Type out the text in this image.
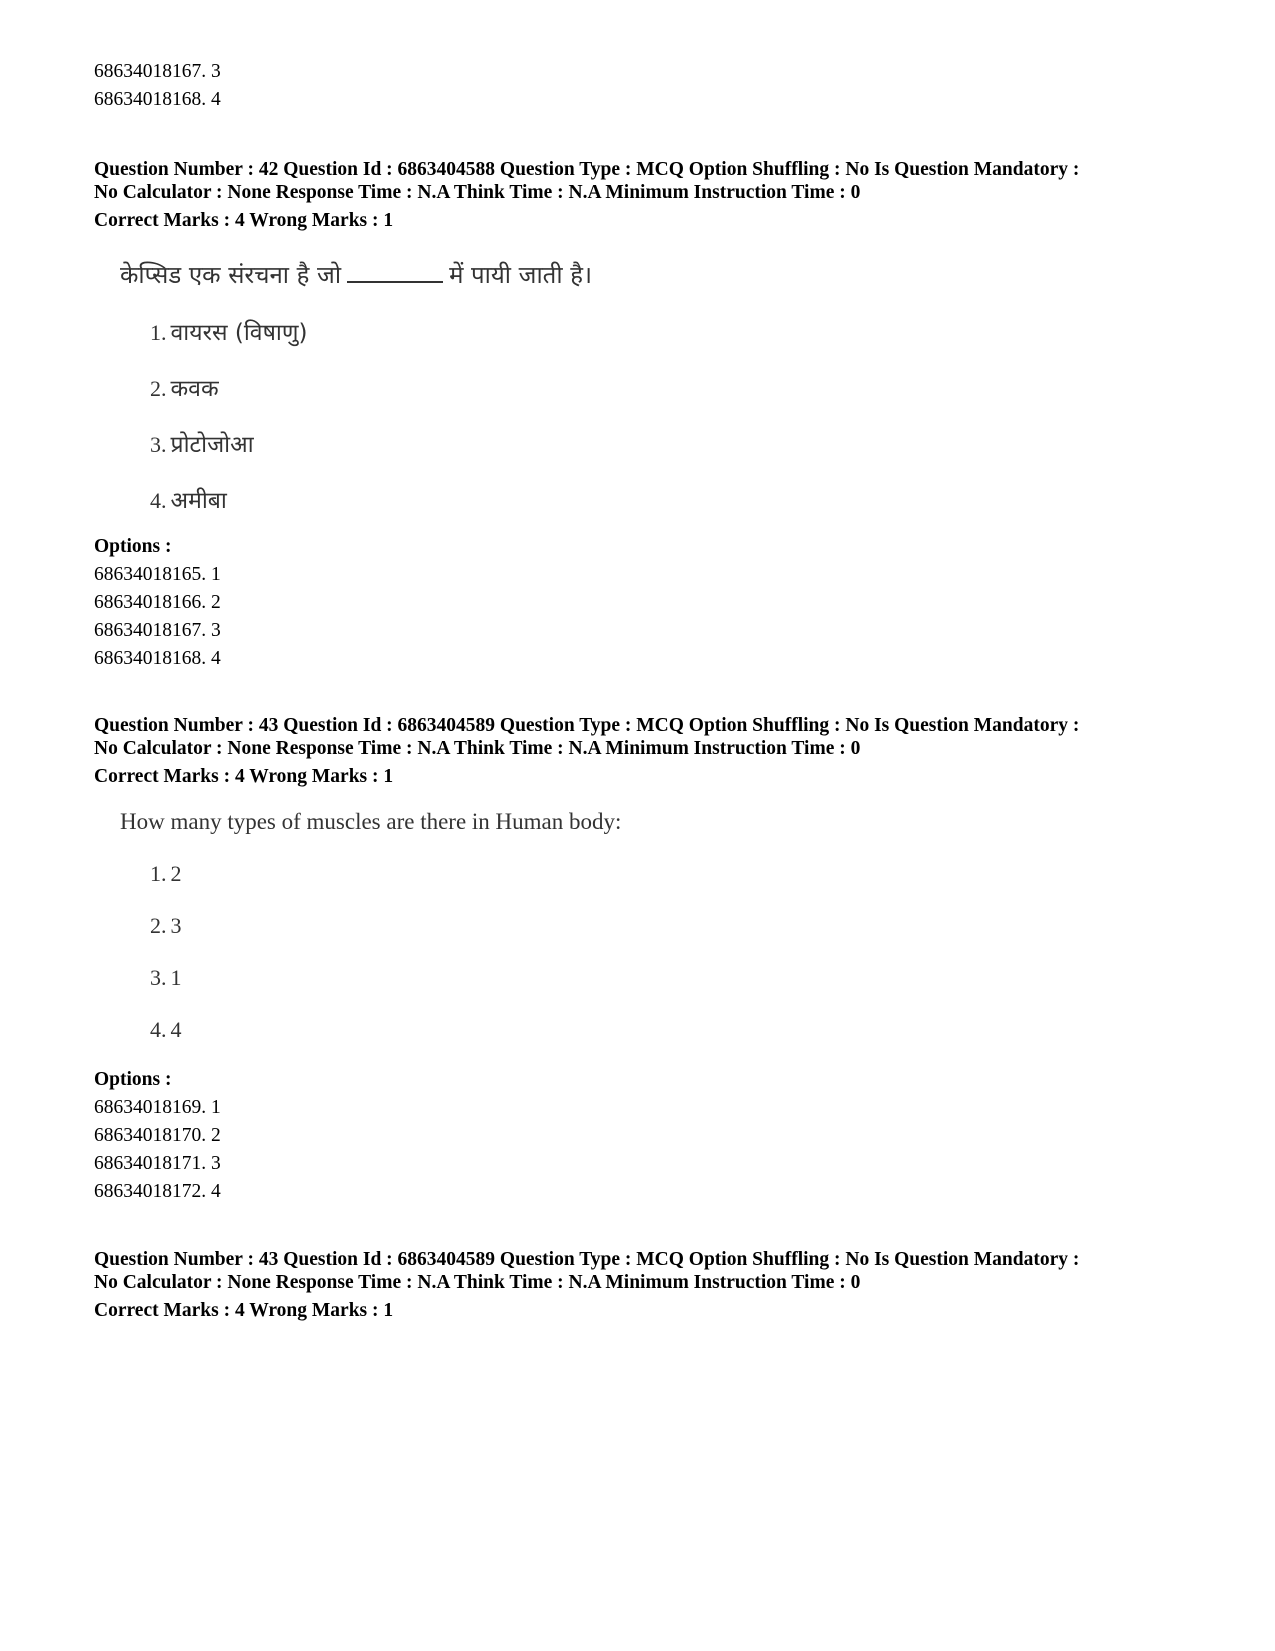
68634018167. 3
68634018168. 4
Question Number : 42 Question Id : 6863404588 Question Type : MCQ Option Shuffling : No Is Question Mandatory :
No Calculator : None Response Time : N.A Think Time : N.A Minimum Instruction Time : 0
Correct Marks : 4 Wrong Marks : 1
केप्सिड एक संरचना है जो	में पायी जाती है।
1. वायरस (विषाणु)
2. कवक
3. प्रोटोजोआ
4. अमीबा
Options :
68634018165. 1
68634018166. 2
68634018167. 3
68634018168. 4
Question Number : 43 Question Id : 6863404589 Question Type : MCQ Option Shuffling : No Is Question Mandatory :
No Calculator : None Response Time : N.A Think Time : N.A Minimum Instruction Time : 0
Correct Marks : 4 Wrong Marks : 1
How many types of muscles are there in Human body:
1. 2
2. 3
3. 1
4. 4
Options :
68634018169. 1
68634018170. 2
68634018171. 3
68634018172. 4
Question Number : 43 Question Id : 6863404589 Question Type : MCQ Option Shuffling : No Is Question Mandatory :
No Calculator : None Response Time : N.A Think Time : N.A Minimum Instruction Time : 0
Correct Marks : 4 Wrong Marks : 1
